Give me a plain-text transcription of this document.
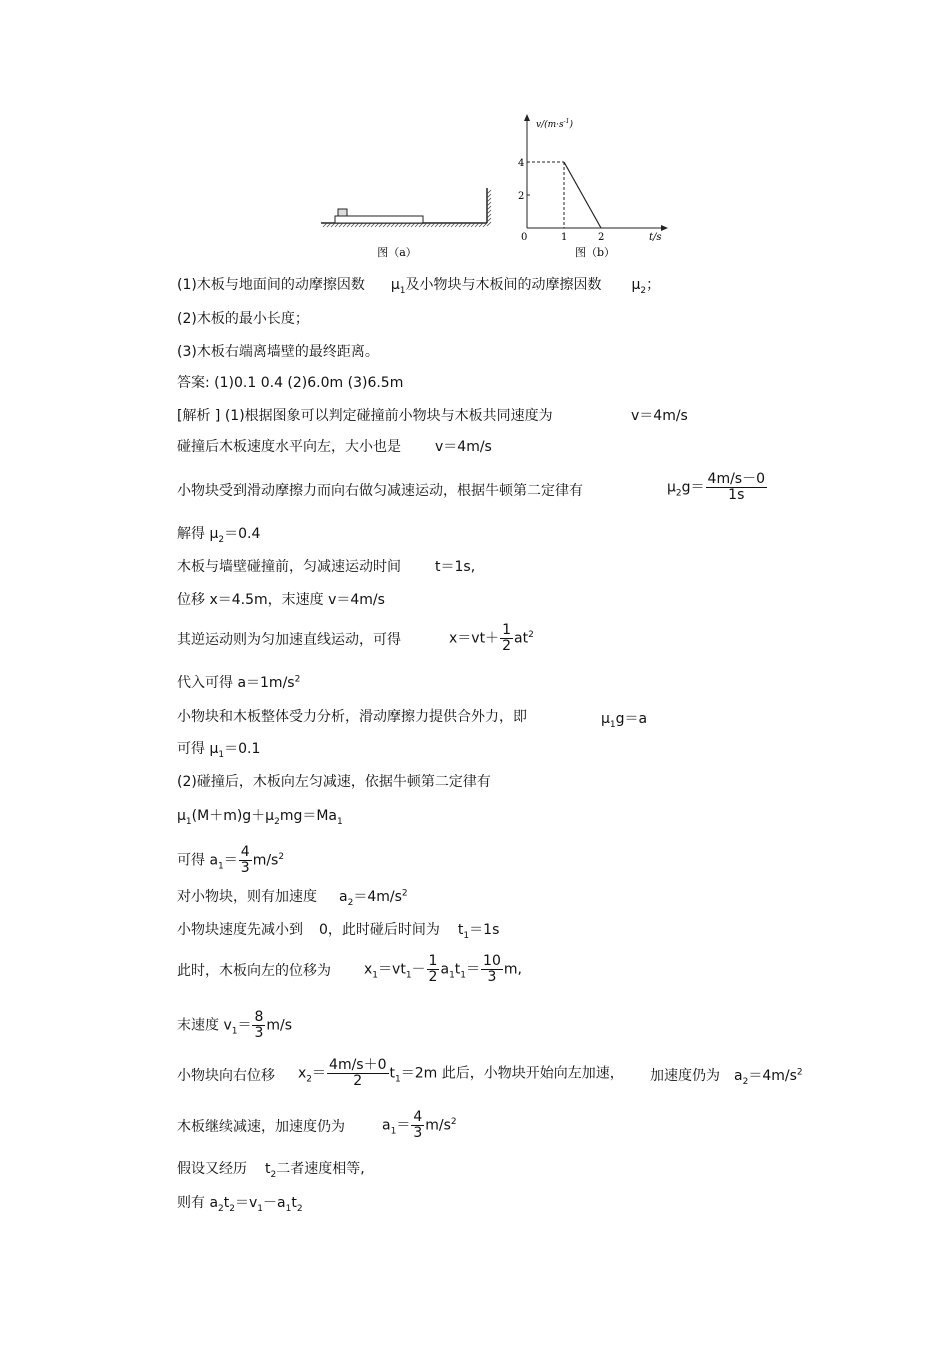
图（a）
$v/(m\cdot s^{-1})$
t/s
0
4
2
1	2
图（b）
(1)木板与地面间的动摩擦因数 $\mu_1$及小物块与木板间的动摩擦因数 $\mu_2$；
(2)木板的最小长度；
(3)木板右端离墙壁的最终距离。
答案: (1)0.1 0.4 (2)6.0m (3)6.5m
[解析 ] (1)根据图象可以判定碰撞前小物块与木板共同速度为	v＝4m/s
碰撞后木板速度水平向左，大小也是 v＝4m/s
小物块受到滑动摩擦力而向右做匀减速运动，根据牛顿第二定律有	$\mu_2g= \frac{4m/s-0}{1s}$
解得 $\mu_2=0.4$
木板与墙壁碰撞前，匀减速运动时间 t＝1s,
位移 x＝4.5m，末速度 v＝4m/s
其逆运动则为匀加速直线运动，可得	$x=vt+ \frac{1}{2} at^2$
代入可得 $a=1m/s^2$
小物块和木板整体受力分析，滑动摩擦力提供合外力，即	$\mu_1g=a$
可得 $\mu_1=0.1$
(2)碰撞后，木板向左匀减速，依据牛顿第二定律有
$\mu_1(M+m)g+\mu_2mg=Ma_1$
可得 $a_1= \frac{4}{3} m/s^2$
对小物块，则有加速度 $a_2=4m/s^2$
小物块速度先减小到 0，此时碰后时间为 $t_1=1s$
此时，木板向左的位移为 $x_1=vt_1- \frac{1}{2} a_1t_1= \frac{10}{3} m$,
末速度 $v_1= \frac{8}{3} m/s$
小物块向右位移 $x_2= \frac{4m/s+0}{2} t_1=2m$ 此后，小物块开始向左加速， 加速度仍为 $a_2=4m/s^2$
木板继续减速，加速度仍为	$a_1= \frac{4}{3} m/s^2$
假设又经历 $t_2$二者速度相等,
则有 $a_2t_2=v_1-a_1t_2$
